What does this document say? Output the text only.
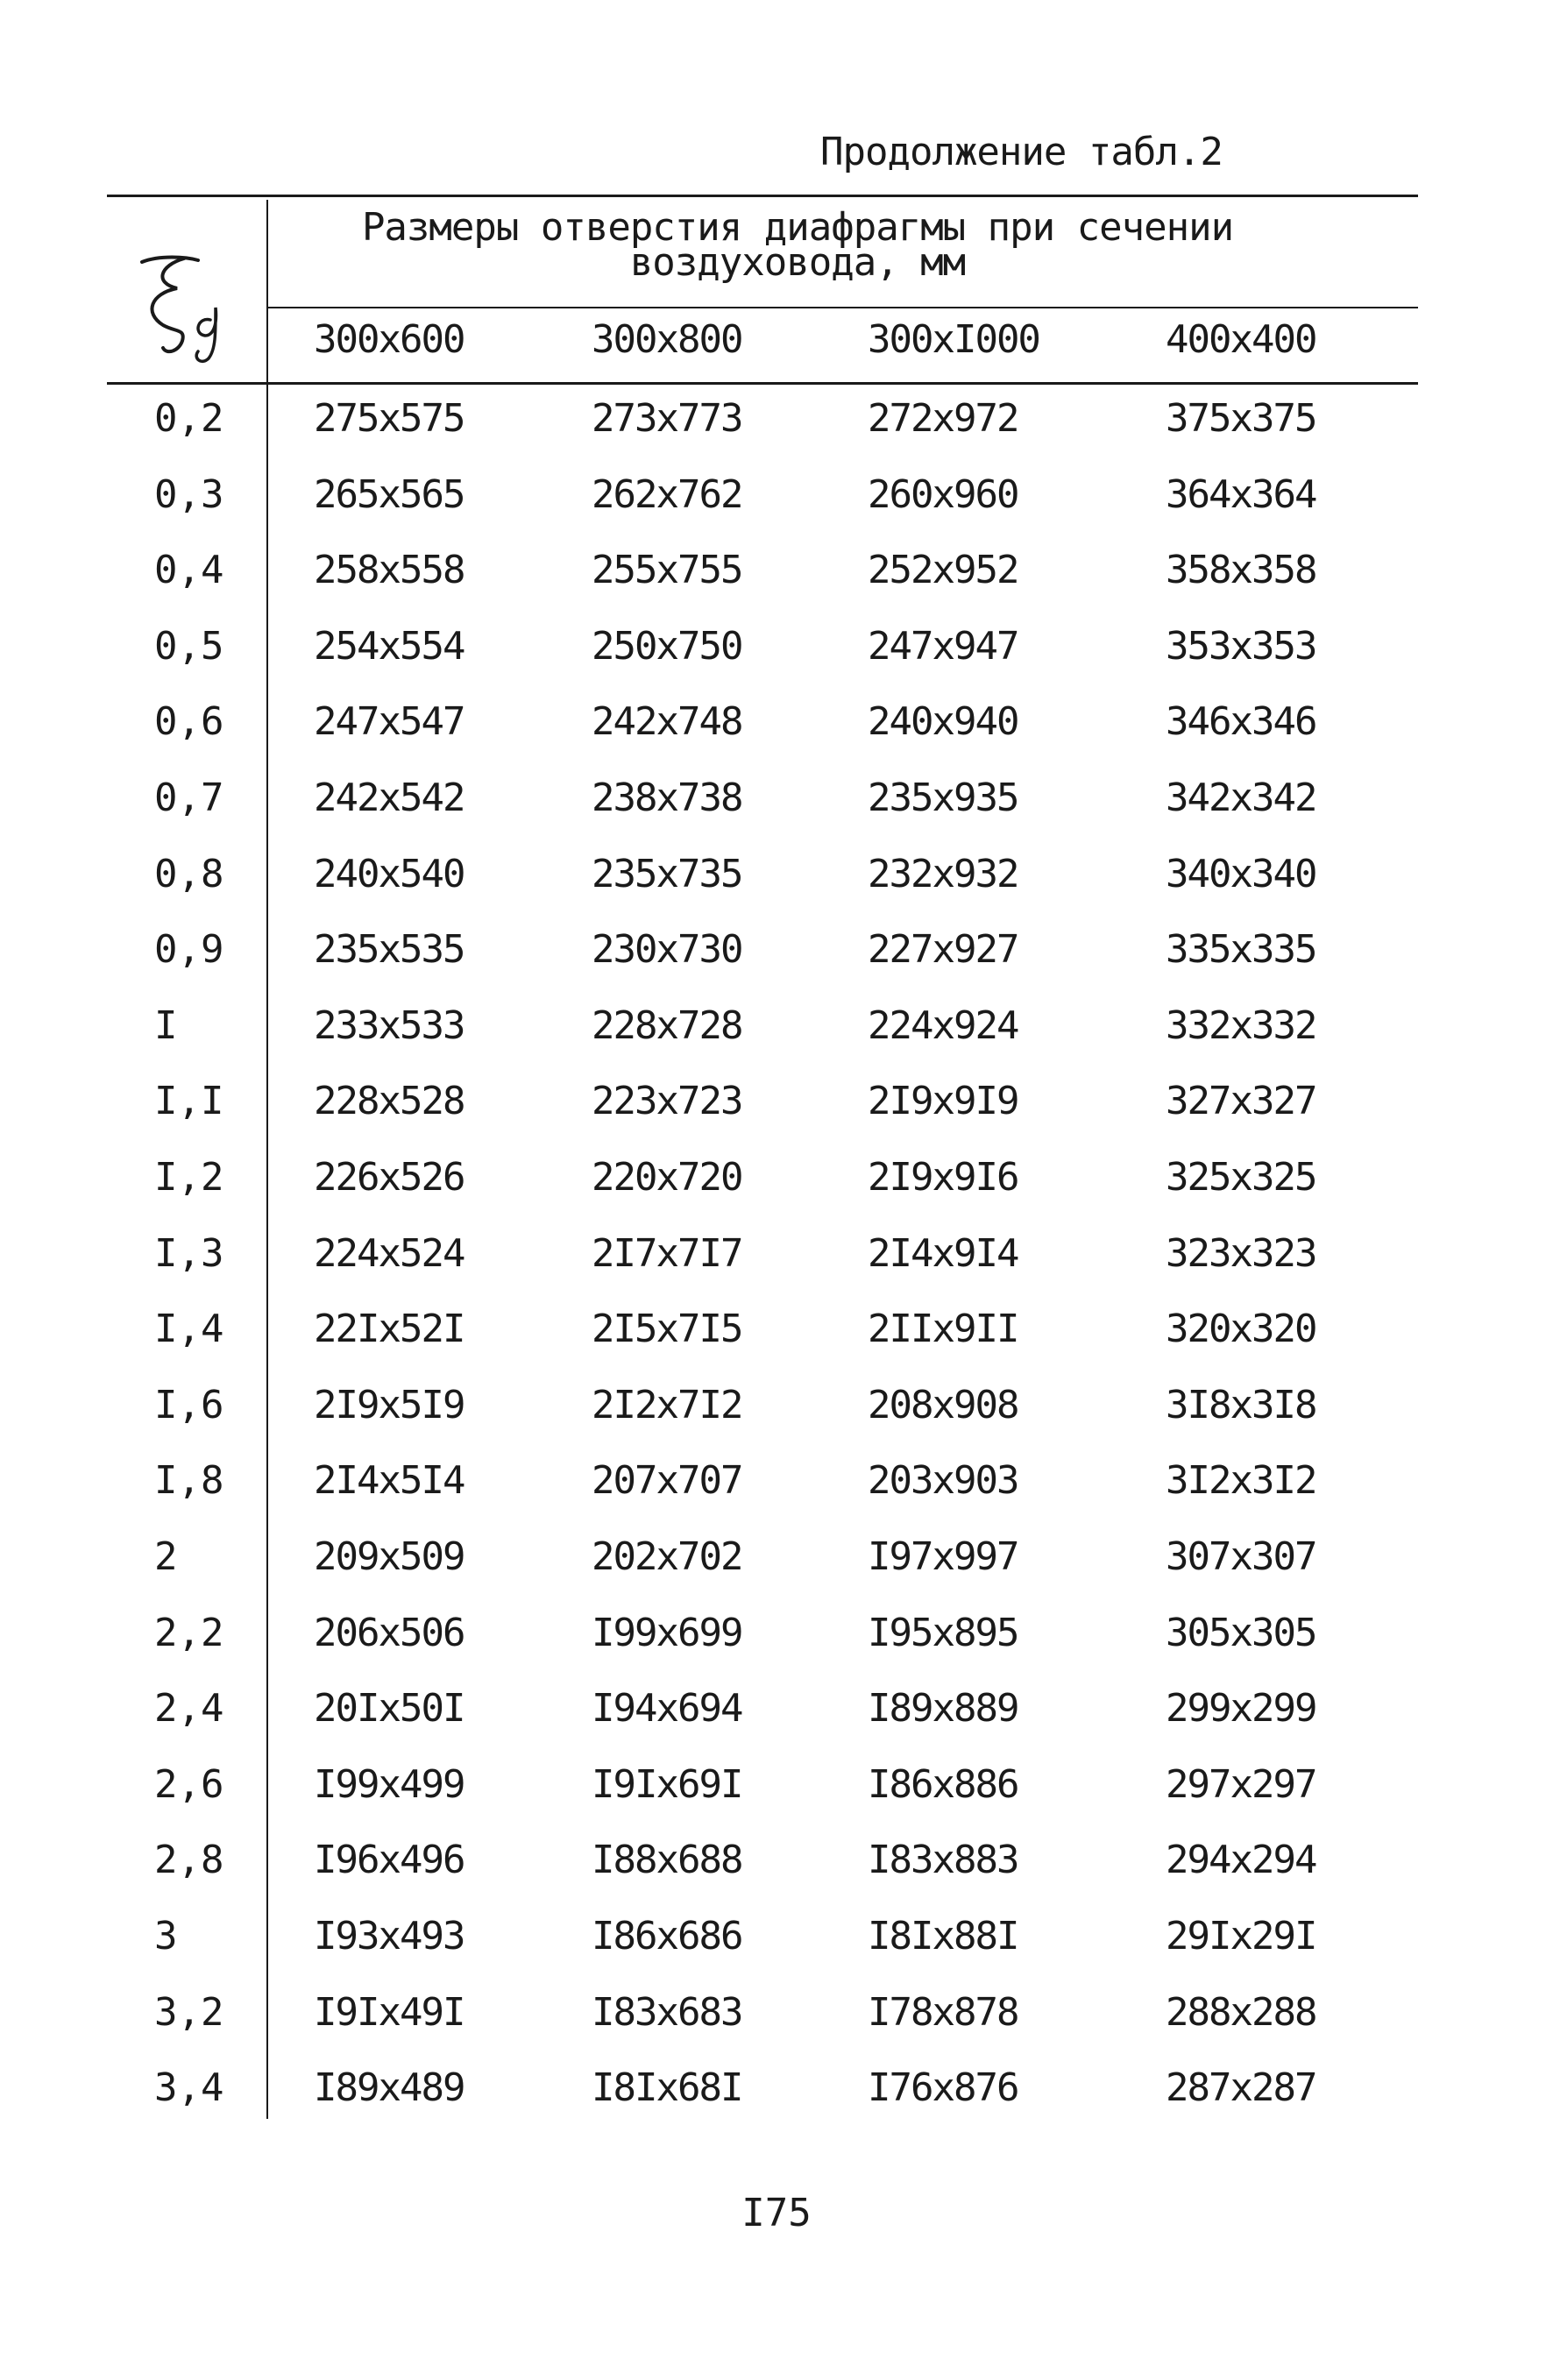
Продолжение табл.2
Размеры отверстия диафрагмы при сечении
воздуховода, мм
300x600	300x800	300xI000	400x400
0,2 275x575	273x773	272x972	375x375
0,3 265x565	262x762	260x960	364x364
0,4 258x558	255x755	252x952	358x358
0,5 254x554	250x750	247x947	353x353
0,6 247x547	242x748	240x940	346x346
0,7 242x542	238x738	235x935	342x342
0,8 240x540	235x735	232x932	340x340
0,9 235x535	230x730	227x927	335x335
I	233x533	228x728	224x924	332x332
I,I 228x528	223x723	2I9x9I9	327x327
I,2 226x526	220x720	2I9x9I6	325x325
I,3 224x524	2I7x7I7	2I4x9I4	323x323
I,4 22Ix52I	2I5x7I5	2IIx9II	320x320
I,6 2I9x5I9	2I2x7I2	208x908	3I8x3I8
I,8 2I4x5I4	207x707	203x903	3I2x3I2
2	209x509	202x702	I97x997	307x307
2,2 206x506	I99x699	I95x895	305x305
2,4 20Ix50I	I94x694	I89x889	299x299
2,6 I99x499	I9Ix69I	I86x886	297x297
2,8 I96x496	I88x688	I83x883	294x294
3	I93x493	I86x686	I8Ix88I	29Ix29I
3,2 I9Ix49I	I83x683	I78x878	288x288
3,4 I89x489	I8Ix68I	I76x876	287x287
I75
